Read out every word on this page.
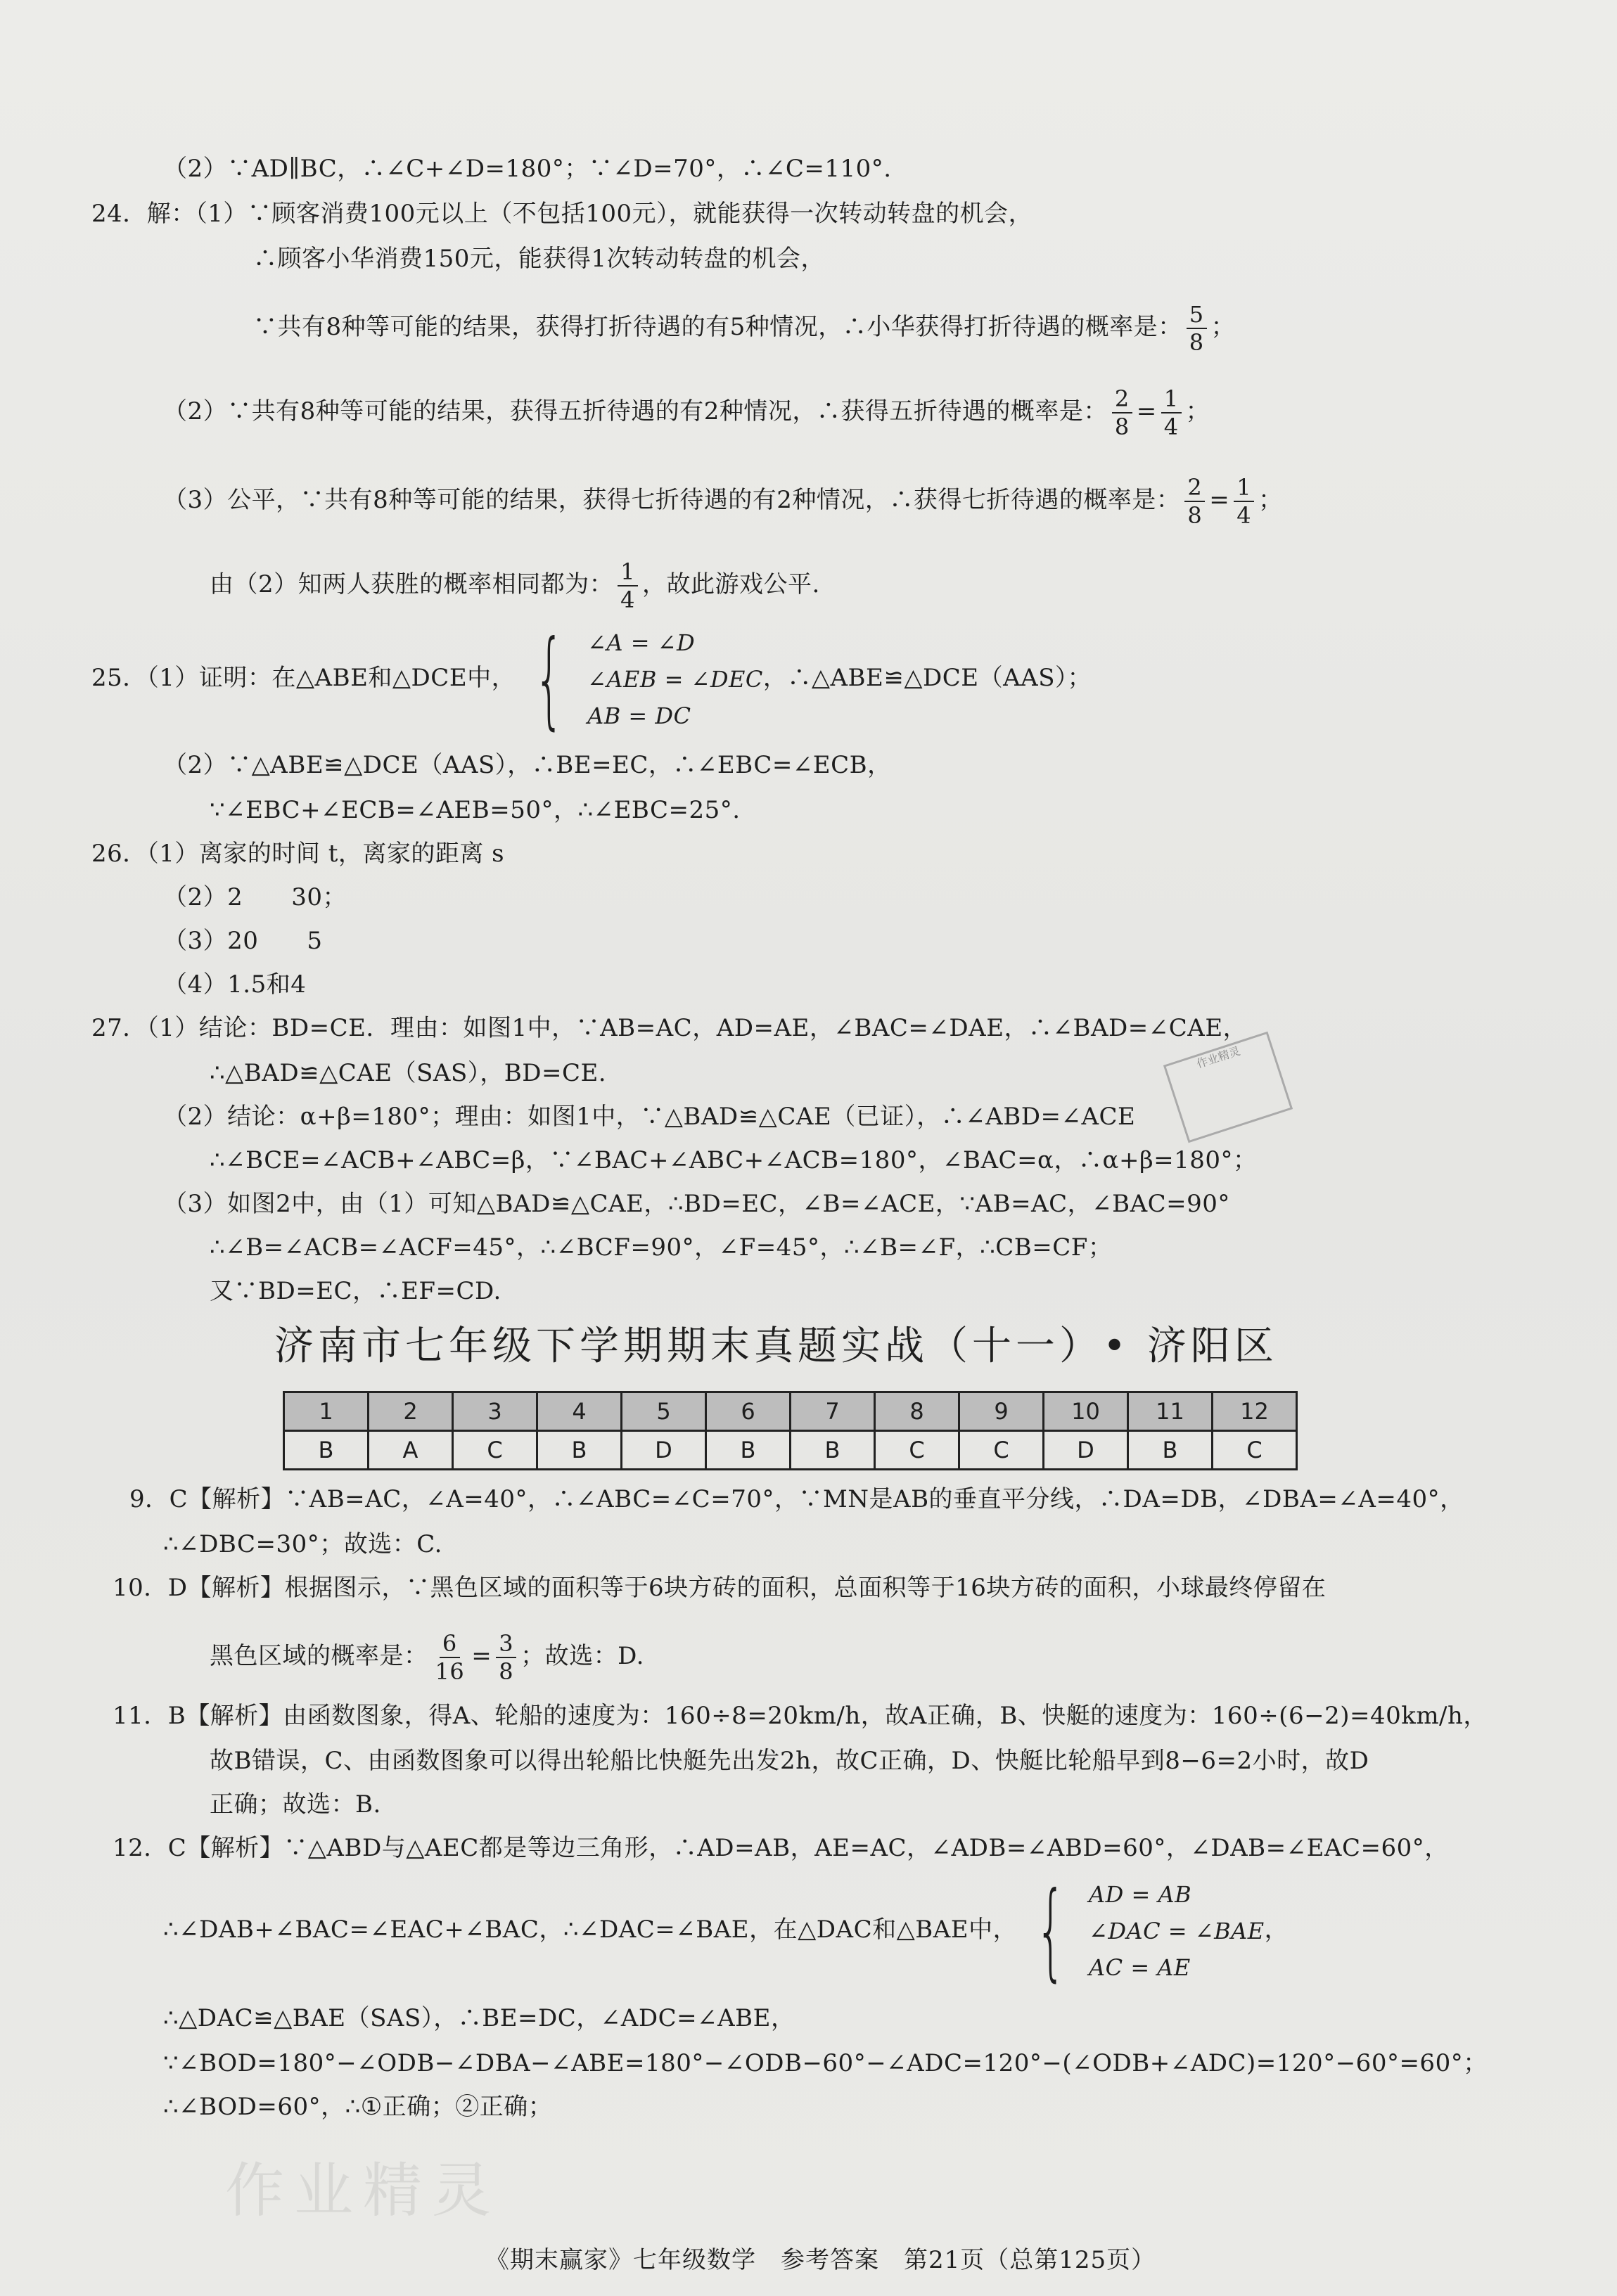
（2）∵AD∥BC，∴∠C+∠D=180°；∵∠D=70°，∴∠C=110°.
24．解：（1）∵顾客消费100元以上（不包括100元），就能获得一次转动转盘的机会，
∴顾客小华消费150元，能获得1次转动转盘的机会，
∵共有8种等可能的结果，获得打折待遇的有5种情况，∴小华获得打折待遇的概率是： $\frac{5}{8}$ ；
（2）∵共有8种等可能的结果，获得五折待遇的有2种情况，∴获得五折待遇的概率是： $\frac{2}{8} = \frac{1}{4}$ ；
（3）公平，∵共有8种等可能的结果，获得七折待遇的有2种情况，∴获得七折待遇的概率是： $\frac{2}{8} = \frac{1}{4}$ ；
由（2）知两人获胜的概率相同都为： $\frac{1}{4}$ ，故此游戏公平.
25．（1）证明：在△ABE和△DCE中， { ∠A = ∠D
∠AEB = ∠DEC
AB = DC
，∴△ABE≌△DCE（AAS）；
（2）∵△ABE≌△DCE（AAS），∴BE=EC，∴∠EBC=∠ECB，
∵∠EBC+∠ECB=∠AEB=50°，∴∠EBC=25°.
26．（1）离家的时间 t，离家的距离 s
（2）2　　30；
（3）20　　5
（4）1.5和4
27．（1）结论：BD=CE．理由：如图1中，∵AB=AC，AD=AE，∠BAC=∠DAE，∴∠BAD=∠CAE，
∴△BAD≌△CAE（SAS），BD=CE.
（2）结论：α+β=180°；理由：如图1中，∵△BAD≌△CAE（已证），∴∠ABD=∠ACE
∴∠BCE=∠ACB+∠ABC=β，∵∠BAC+∠ABC+∠ACB=180°，∠BAC=α，∴α+β=180°；
（3）如图2中，由（1）可知△BAD≌△CAE，∴BD=EC，∠B=∠ACE，∵AB=AC，∠BAC=90°
∴∠B=∠ACB=∠ACF=45°，∴∠BCF=90°，∠F=45°，∴∠B=∠F，∴CB=CF；
又∵BD=EC，∴EF=CD.
济南市七年级下学期期末真题实战（十一）• 济阳区
1	2	3	4	5	6	7	8	9	10	11	12
B	A	C	B	D	B	B	C	C	D	B	C
9．C【解析】∵AB=AC，∠A=40°，∴∠ABC=∠C=70°，∵MN是AB的垂直平分线，∴DA=DB，∠DBA=∠A=40°，
∴∠DBC=30°；故选：C.
10．D【解析】根据图示，∵黑色区域的面积等于6块方砖的面积，总面积等于16块方砖的面积，小球最终停留在
黑色区域的概率是： $\frac{6}{16} = \frac{3}{8}$ ；故选：D.
11．B【解析】由函数图象，得A、轮船的速度为：160÷8=20km/h，故A正确，B、快艇的速度为：160÷(6−2)=40km/h，
故B错误，C、由函数图象可以得出轮船比快艇先出发2h，故C正确，D、快艇比轮船早到8−6=2小时，故D
正确；故选：B.
12．C【解析】∵△ABD与△AEC都是等边三角形，∴AD=AB，AE=AC，∠ADB=∠ABD=60°，∠DAB=∠EAC=60°，
∴∠DAB+∠BAC=∠EAC+∠BAC，∴∠DAC=∠BAE，在△DAC和△BAE中， { AD = AB
∠DAC = ∠BAE
AC = AE
，
∴△DAC≌△BAE（SAS），∴BE=DC，∠ADC=∠ABE，
∵∠BOD=180°−∠ODB−∠DBA−∠ABE=180°−∠ODB−60°−∠ADC=120°−(∠ODB+∠ADC)=120°−60°=60°；
∴∠BOD=60°，∴①正确；②正确；
作业精灵
作业精灵
《期末赢家》七年级数学　参考答案　第21页（总第125页）
